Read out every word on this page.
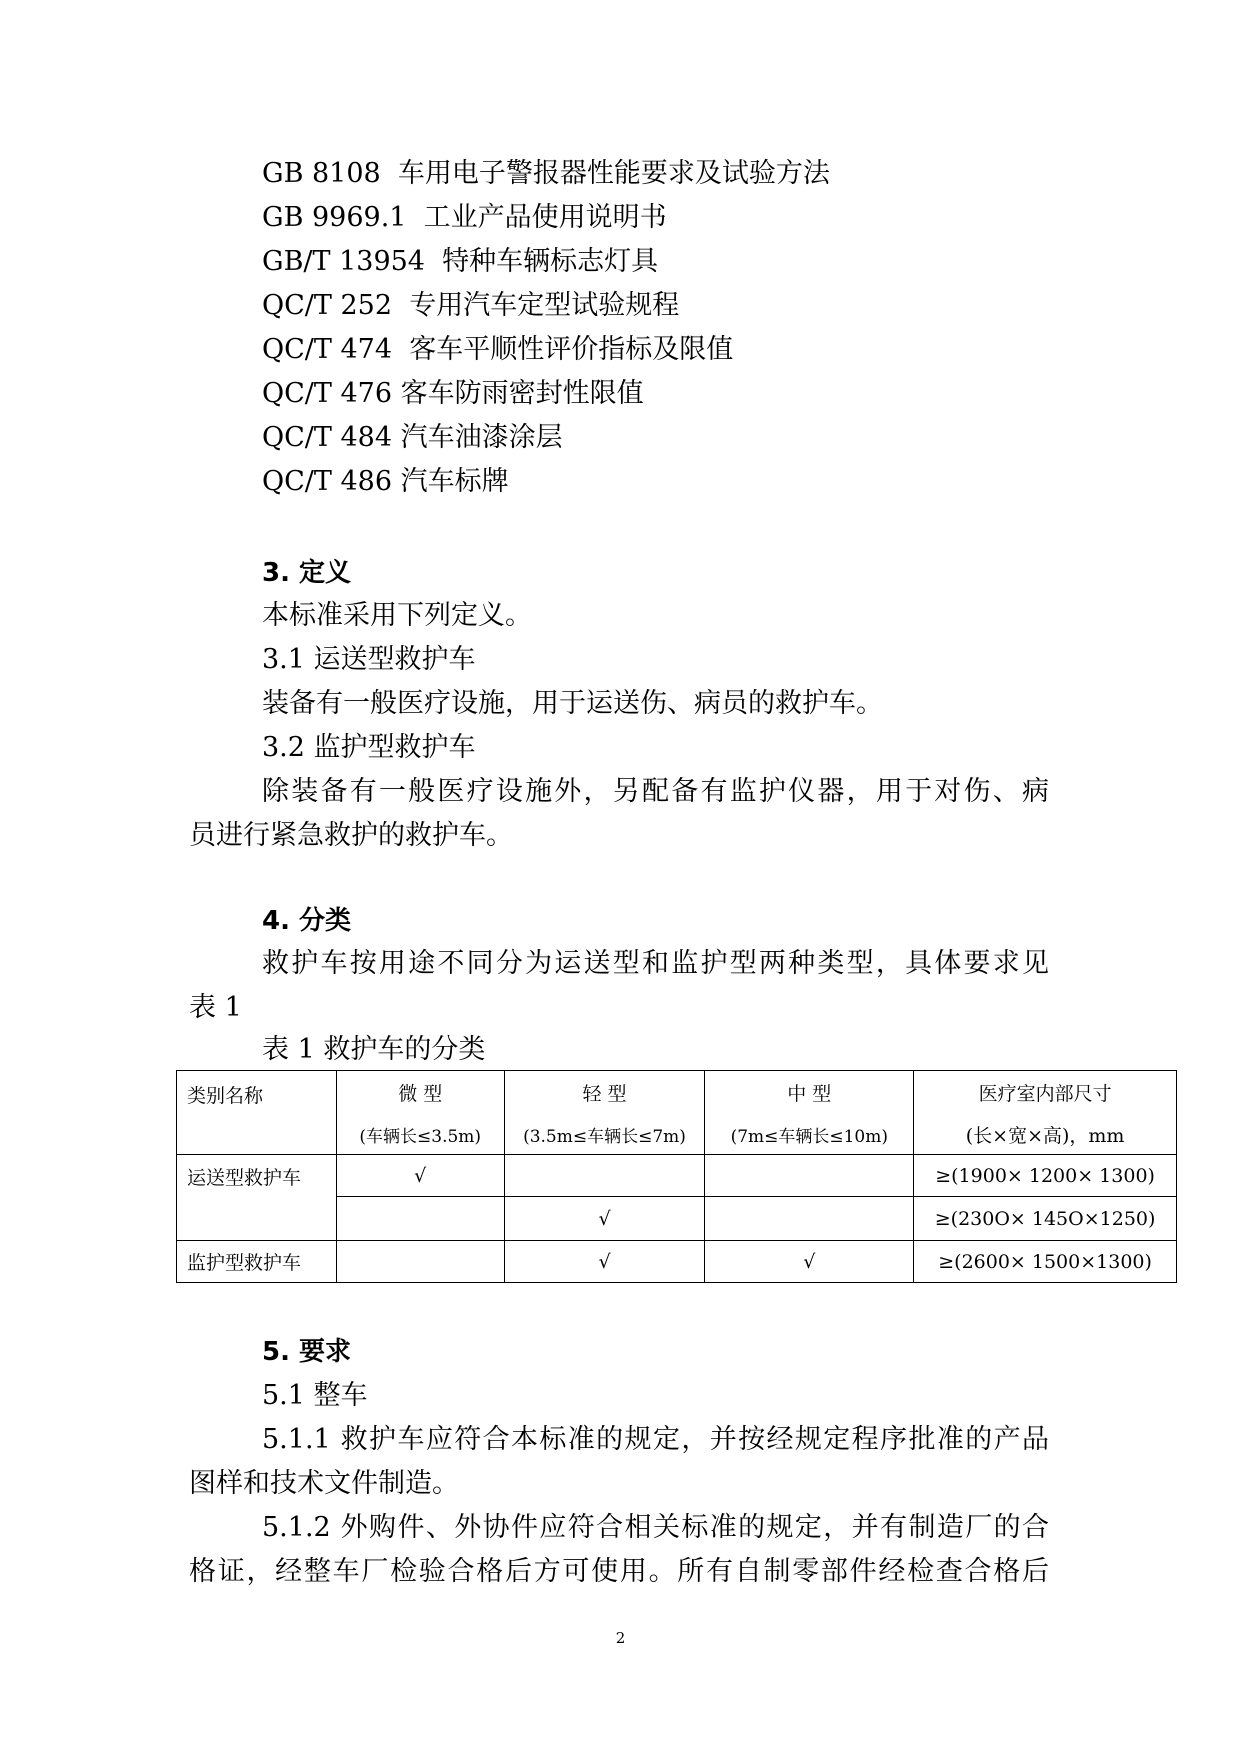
GB 8108 车用电子警报器性能要求及试验方法
GB 9969.1 工业产品使用说明书
GB/T 13954 特种车辆标志灯具
QC/T 252 专用汽车定型试验规程
QC/T 474 客车平顺性评价指标及限值
QC/T 476 客车防雨密封性限值
QC/T 484 汽车油漆涂层
QC/T 486 汽车标牌
3. 定义
本标准采用下列定义。
3.1 运送型救护车
装备有一般医疗设施，用于运送伤、病员的救护车。
3.2 监护型救护车
除装备有一般医疗设施外，另配备有监护仪器，用于对伤、病
员进行紧急救护的救护车。
4. 分类
救护车按用途不同分为运送型和监护型两种类型，具体要求见
表 1
表 1 救护车的分类
类别名称	微 型	轻 型	中 型	医疗室内部尺寸
	(车辆长≤3.5m)	(3.5m≤车辆长≤7m)	(7m≤车辆长≤10m)	(长×宽×高)，mm
运送型救护车	√			≥(1900× 1200× 1300)
		√		≥(230O× 145O×1250)
监护型救护车		√	√	≥(2600× 1500×1300)
5. 要求
5.1 整车
5.1.1 救护车应符合本标准的规定，并按经规定程序批准的产品
图样和技术文件制造。
5.1.2 外购件、外协件应符合相关标准的规定，并有制造厂的合
格证，经整车厂检验合格后方可使用。所有自制零部件经检查合格后
2
